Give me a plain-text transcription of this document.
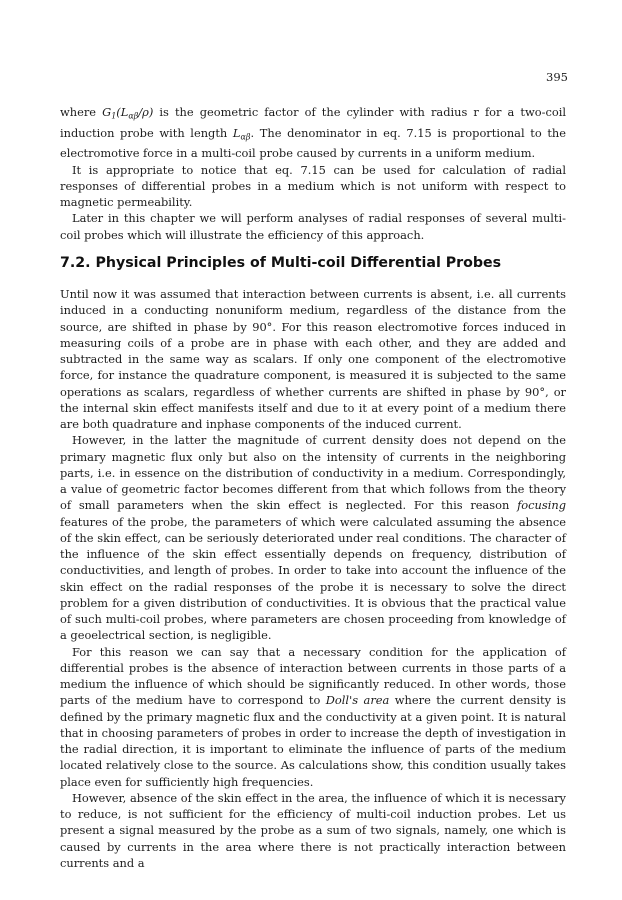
395

where $G_1(L_{\alpha\beta}/\rho)$ is the geometric factor of the cylinder with radius r for a two-coil induction probe with length $L_{\alpha\beta}$. The denominator in eq. 7.15 is proportional to the electromotive force in a multi-coil probe caused by currents in a uniform medium.

It is appropriate to notice that eq. 7.15 can be used for calculation of radial responses of differential probes in a medium which is not uniform with respect to magnetic permeability.

Later in this chapter we will perform analyses of radial responses of several multi-coil probes which will illustrate the efficiency of this approach.

7.2. Physical Principles of Multi-coil Differential Probes

Until now it was assumed that interaction between currents is absent, i.e. all currents induced in a conducting nonuniform medium, regardless of the distance from the source, are shifted in phase by 90°. For this reason electromotive forces induced in measuring coils of a probe are in phase with each other, and they are added and subtracted in the same way as scalars. If only one component of the electromotive force, for instance the quadrature component, is measured it is subjected to the same operations as scalars, regardless of whether currents are shifted in phase by 90°, or the internal skin effect manifests itself and due to it at every point of a medium there are both quadrature and inphase components of the induced current.

However, in the latter the magnitude of current density does not depend on the primary magnetic flux only but also on the intensity of currents in the neighboring parts, i.e. in essence on the distribution of conductivity in a medium. Correspondingly, a value of geometric factor becomes different from that which follows from the theory of small parameters when the skin effect is neglected. For this reason focusing features of the probe, the parameters of which were calculated assuming the absence of the skin effect, can be seriously deteriorated under real conditions. The character of the influence of the skin effect essentially depends on frequency, distribution of conductivities, and length of probes. In order to take into account the influence of the skin effect on the radial responses of the probe it is necessary to solve the direct problem for a given distribution of conductivities. It is obvious that the practical value of such multi-coil probes, where parameters are chosen proceeding from knowledge of a geoelectrical section, is negligible.

For this reason we can say that a necessary condition for the application of differential probes is the absence of interaction between currents in those parts of a medium the influence of which should be significantly reduced. In other words, those parts of the medium have to correspond to Doll's area where the current density is defined by the primary magnetic flux and the conductivity at a given point. It is natural that in choosing parameters of probes in order to increase the depth of investigation in the radial direction, it is important to eliminate the influence of parts of the medium located relatively close to the source. As calculations show, this condition usually takes place even for sufficiently high frequencies.

However, absence of the skin effect in the area, the influence of which it is necessary to reduce, is not sufficient for the efficiency of multi-coil induction probes. Let us present a signal measured by the probe as a sum of two signals, namely, one which is caused by currents in the area where there is not practically interaction between currents and a
